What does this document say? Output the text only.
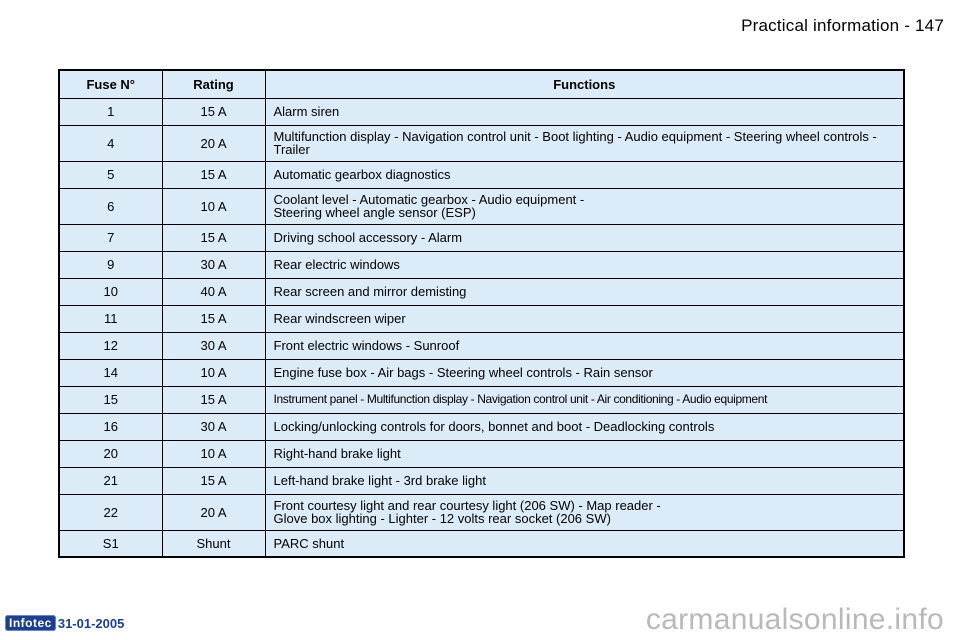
Practical information - 147
Fuse N°	Rating	Functions
1	15 A	Alarm siren
4	20 A	Multifunction display - Navigation control unit - Boot lighting - Audio equipment - Steering wheel controls - Trailer
5	15 A	Automatic gearbox diagnostics
6	10 A	Coolant level - Automatic gearbox - Audio equipment -
Steering wheel angle sensor (ESP)
7	15 A	Driving school accessory - Alarm
9	30 A	Rear electric windows
10	40 A	Rear screen and mirror demisting
11	15 A	Rear windscreen wiper
12	30 A	Front electric windows - Sunroof
14	10 A	Engine fuse box - Air bags - Steering wheel controls - Rain sensor
15	15 A	Instrument panel - Multifunction display - Navigation control unit - Air conditioning - Audio equipment
16	30 A	Locking/unlocking controls for doors, bonnet and boot - Deadlocking controls
20	10 A	Right-hand brake light
21	15 A	Left-hand brake light - 3rd brake light
22	20 A	Front courtesy light and rear courtesy light (206 SW) - Map reader -
Glove box lighting - Lighter - 12 volts rear socket (206 SW)
S1	Shunt	PARC shunt
Infotec 31-01-2005	carmanualsonline.info
